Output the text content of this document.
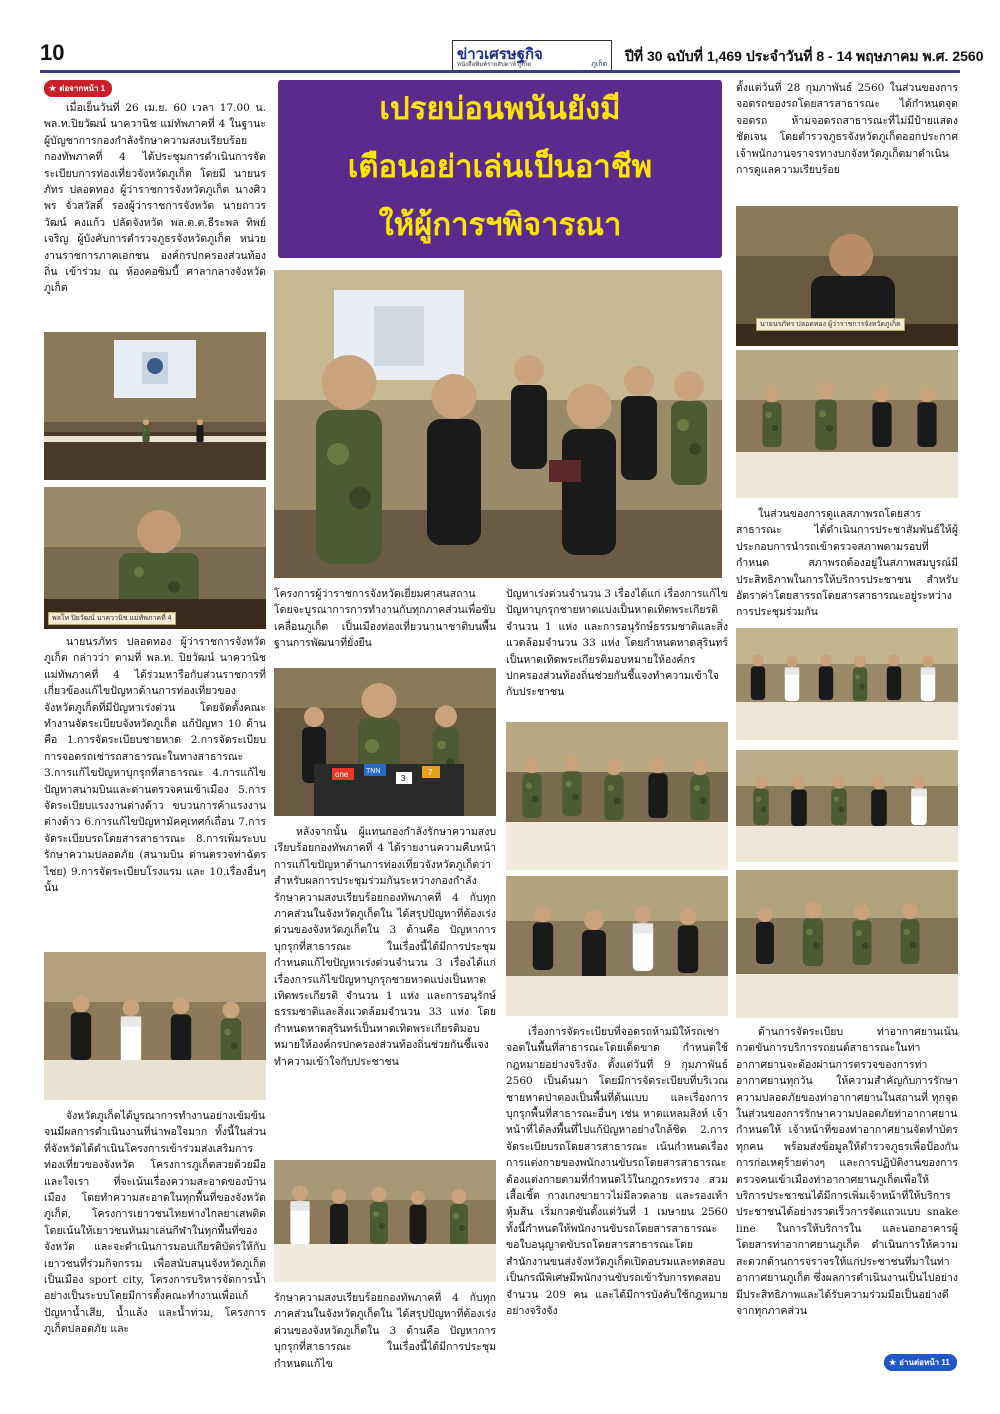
10	ข่าวเศรษฐกิจ
หนังสือพิมพ์รายสัปดาห์ ภูเก็ต	ภูเก็ต
ปีที่ 30 ฉบับที่ 1,469 ประจำวันที่ 8 - 14 พฤษภาคม พ.ศ. 2560
★ ต่อจากหน้า 1

เมื่อเย็นวันที่ 26 เม.ย. 60 เวลา 17.00 น. พล.ท.ปิยวัฒน์ นาควานิช แม่ทัพภาคที่ 4 ในฐานะผู้บัญชาการกองกำลังรักษาความสงบเรียบร้อย กองทัพภาคที่ 4 ได้ประชุมการดำเนินการจัดระเบียบการท่องเที่ยวจังหวัดภูเก็ต โดยมี นายนรภัทร ปลอดทอง ผู้ว่าราชการจังหวัดภูเก็ต นางศิวพร จั่วสวัสดิ์ รองผู้ว่าราชการจังหวัด นายถาวรวัฒน์ คงแก้ว ปลัดจังหวัด พล.ต.ต.ธีระพล ทิพย์เจริญ ผู้บังคับการตำรวจภูธรจังหวัดภูเก็ต หน่วยงานราชการภาคเอกชน องค์กรปกครองส่วนท้องถิ่น เข้าร่วม ณ ห้องคอซิมบี้ ศาลากลางจังหวัดภูเก็ต

พลโท ปิยวัฒน์ นาควานิช แม่ทัพภาคที่ 4

นายนรภัทร ปลอดทอง ผู้ว่าราชการจังหวัดภูเก็ต กล่าวว่า ตามที่ พล.ท. ปิยวัฒน์ นาควานิช แม่ทัพภาคที่ 4 ได้ร่วมหารือกับส่วนราชการที่เกี่ยวข้องแก้ไขปัญหาด้านการท่องเที่ยวของจังหวัดภูเก็ตที่มีปัญหาเร่งด่วน โดยจัดตั้งคณะทำงานจัดระเบียบจังหวัดภูเก็ต แก้ปัญหา 10 ด้าน คือ 1.การจัดระเบียบชายหาด 2.การจัดระเบียบการจอดรถเช่ารถสาธารณะในทางสาธารณะ 3.การแก้ไขปัญหาบุกรุกที่สาธารณะ 4.การแก้ไขปัญหาสนามบินและด่านตรวจคนเข้าเมือง 5.การจัดระเบียบแรงงานต่างด้าว ขบวนการค้าแรงงานต่างด้าว 6.การแก้ไขปัญหามัคคุเทศก์เถื่อน 7.การจัดระเบียบรถโดยสารสาธารณะ 8.การเพิ่มระบบรักษาความปลอดภัย (สนามบิน ด่านตรวจท่าฉัตรไชย) 9.การจัดระเบียบโรงแรม และ 10.เรื่องอื่นๆ นั้น

จังหวัดภูเก็ตได้บูรณาการทำงานอย่างเข้มข้นจนมีผลการดำเนินงานที่น่าพอใจมาก ทั้งนี้ในส่วนที่จังหวัดได้ดำเนินโครงการเข้าร่วมส่งเสริมการท่องเที่ยวของจังหวัด โครงการภูเก็ตสวยด้วยมือและใจเรา ที่จะเน้นเรื่องความสะอาดของบ้านเมือง โดยทำความสะอาดในทุกพื้นที่ของจังหวัดภูเก็ต, โครงการเยาวชนไทยห่างไกลยาเสพติดโดยเน้นให้เยาวชนหันมาเล่นกีฬาในทุกพื้นที่ของจังหวัด และจะดำเนินการมอบเกียรติบัตรให้กับเยาวชนที่ร่วมกิจกรรม เพื่อสนับสนุนจังหวัดภูเก็ตเป็นเมือง sport city, โครงการบริหารจัดการน้ำอย่างเป็นระบบโดยมีการตั้งคณะทำงานเพื่อแก้ปัญหาน้ำเสีย, น้ำแล้ง และน้ำท่วม, โครงการภูเก็ตปลอดภัย และ

เปรยบ่อนพนันยังมี
เตือนอย่าเล่นเป็นอาชีพ
ให้ผู้การฯพิจารณา

โครงการผู้ว่าราชการจังหวัดเยี่ยมศาสนสถาน โดยจะบูรณาการการทำงานกับทุกภาคส่วนเพื่อขับเคลื่อนภูเก็ต เป็นเมืองท่องเที่ยวนานาชาติบนพื้นฐานการพัฒนาที่ยั่งยืน

one	TNN
3
7

หลังจากนั้น ผู้แทนกองกำลังรักษาความสงบเรียบร้อยกองทัพภาคที่ 4 ได้รายงานความคืบหน้าการแก้ไขปัญหาด้านการท่องเที่ยวจังหวัดภูเก็ตว่า สำหรับผลการประชุมร่วมกันระหว่างกองกำลังรักษาความสงบเรียบร้อยกองทัพภาคที่ 4 กับทุกภาคส่วนในจังหวัดภูเก็ตใน ได้สรุปปัญหาที่ต้องเร่งด่วนของจังหวัดภูเก็ตใน 3 ด้านคือ ปัญหาการบุกรุกที่สาธารณะ ในเรื่องนี้ได้มีการประชุมกำหนดแก้ไขปัญหาเร่งด่วนจำนวน 3 เรื่องได้แก่ เรื่องการแก้ไขปัญหาบุกรุกชายหาดแบ่งเป็นหาดเทิดพระเกียรติ จำนวน 1 แห่ง และการอนุรักษ์ธรรมชาติและสิ่งแวดล้อมจำนวน 33 แห่ง โดยกำหนดหาดสุรินทร์เป็นหาดเทิดพระเกียรติมอบหมายให้องค์กรปกครองส่วนท้องถิ่นช่วยกันชี้แจงทำความเข้าใจกับประชาชน

รักษาความสงบเรียบร้อยกองทัพภาคที่ 4 กับทุกภาคส่วนในจังหวัดภูเก็ตใน ได้สรุปปัญหาที่ต้องเร่งด่วนของจังหวัดภูเก็ตใน 3 ด้านคือ ปัญหาการบุกรุกที่สาธารณะ ในเรื่องนี้ได้มีการประชุมกำหนดแก้ไข

ปัญหาเร่งด่วนจำนวน 3 เรื่องได้แก่ เรื่องการแก้ไขปัญหาบุกรุกชายหาดแบ่งเป็นหาดเทิดพระเกียรติ จำนวน 1 แห่ง และการอนุรักษ์ธรรมชาติและสิ่งแวดล้อมจำนวน 33 แห่ง โดยกำหนดหาดสุรินทร์เป็นหาดเทิดพระเกียรติมอบหมายให้องค์กรปกครองส่วนท้องถิ่นช่วยกันชี้แจงทำความเข้าใจกับประชาชน

เรื่องการจัดระเบียบที่จอดรถห้ามมิให้รถเช่าจอดในพื้นที่สาธารณะโดยเด็ดขาด กำหนดใช้กฎหมายอย่างจริงจัง ตั้งแต่วันที่ 9 กุมภาพันธ์ 2560 เป็นต้นมา โดยมีการจัดระเบียบที่บริเวณชายหาดป่าตองเป็นพื้นที่ต้นแบบ และเรื่องการบุกรุกพื้นที่สาธารณะอื่นๆ เช่น หาดแหลมสิงห์ เจ้าหน้าที่ได้ลงพื้นที่ไปแก้ปัญหาอย่างใกล้ชิด 2.การจัดระเบียบรถโดยสารสาธารณะ เน้นกำหนดเรื่องการแต่งกายของพนักงานขับรถโดยสารสาธารณะต้องแต่งกายตามที่กำหนดไว้ในกฎกระทรวง สวมเสื้อเชิ้ต กางเกงขายาวไม่มีลวดลาย และรองเท้าหุ้มส้น เริ่มกวดขันตั้งแต่วันที่ 1 เมษายน 2560 ทั้งนี้กำหนดให้พนักงานขับรถโดยสารสาธารณะขอใบอนุญาตขับรถโดยสารสาธารณะโดยสำนักงานขนส่งจังหวัดภูเก็ตเปิดอบรมและทดสอบเป็นกรณีพิเศษมีพนักงานขับรถเข้ารับการทดสอบจำนวน 209 คน และได้มีการบังคับใช้กฎหมายอย่างจริงจัง

ตั้งแต่วันที่ 28 กุมภาพันธ์ 2560 ในส่วนของการจอดรถของรถโดยสารสาธารณะ ได้กำหนดจุดจอดรถ ห้ามจอดรถสาธารณะที่ไม่มีป้ายแสดงชัดเจน โดยตำรวจภูธรจังหวัดภูเก็ตออกประกาศเจ้าพนักงานจราจรทางบกจังหวัดภูเก็ตมาดำเนินการดูแลความเรียบร้อย

นายนรภัทร ปลอดทอง ผู้ว่าราชการจังหวัดภูเก็ต

ในส่วนของการดูแลสภาพรถโดยสารสาธารณะ ได้ดำเนินการประชาสัมพันธ์ให้ผู้ประกอบการนำรถเข้าตรวจสภาพตามรอบที่กำหนด สภาพรถต้องอยู่ในสภาพสมบูรณ์มีประสิทธิภาพในการให้บริการประชาชน สำหรับอัตราค่าโดยสารรถโดยสารสาธารณะอยู่ระหว่างการประชุมร่วมกัน

ด้านการจัดระเบียบ ท่าอากาศยานเน้นกวดขันการบริการรถยนต์สาธารณะในท่าอากาศยานจะต้องผ่านการตรวจของการท่าอากาศยานทุกวัน ให้ความสำคัญกับการรักษาความปลอดภัยของท่าอากาศยานในสถานที่ ทุกจุดในส่วนของการรักษาความปลอดภัยท่าอากาศยานกำหนดให้ เจ้าหน้าที่ของท่าอากาศยานจัดทำบัตรทุกคน พร้อมส่งข้อมูลให้ตำรวจภูธรเพื่อป้องกันการก่อเหตุร้ายต่างๆ และการปฏิบัติงานของการตรวจคนเข้าเมืองท่าอากาศยานภูเก็ตเพื่อให้บริการประชาชนได้มีการเพิ่มเจ้าหน้าที่ให้บริการประชาชนได้อย่างรวดเร็วการจัดแถวแบบ snake line ในการให้บริการใน และนอกอาคารผู้โดยสารท่าอากาศยานภูเก็ต ดำเนินการให้ความสะดวกด้านการจราจรให้แก่ประชาชนที่มาในท่าอากาศยานภูเก็ต ซึ่งผลการดำเนินงานเป็นไปอย่างมีประสิทธิภาพและได้รับความร่วมมือเป็นอย่างดีจากทุกภาคส่วน

★ อ่านต่อหน้า 11
